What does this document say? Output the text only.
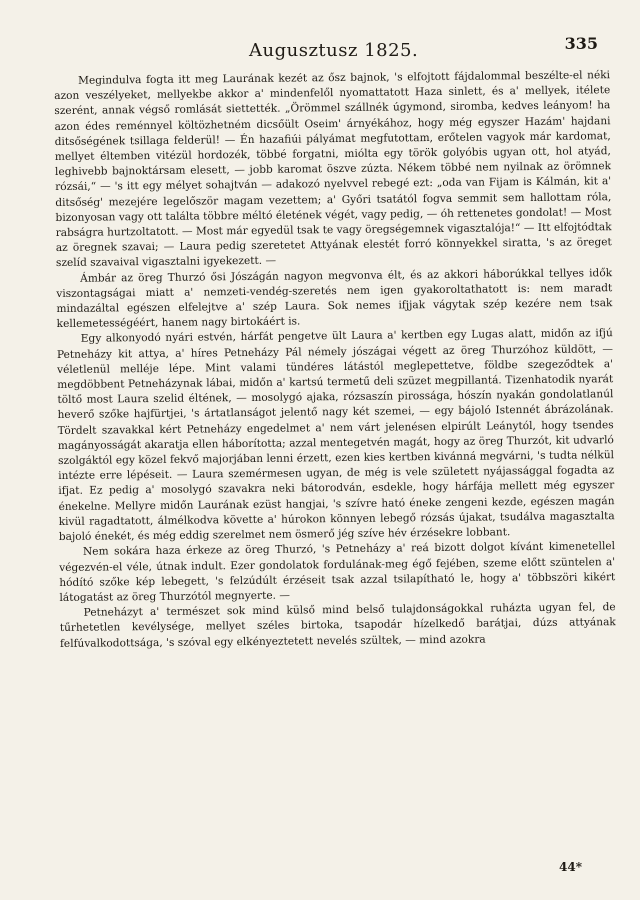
Augusztusz 1825.	335

Megindulva fogta itt meg Laurának kezét az ősz bajnok, 's elfojtott fájdalommal beszélte-el néki azon veszélyeket, mellyekbe akkor a' mindenfelől nyomattatott Haza sinlett, és a' mellyek, itélete szerént, annak végső romlását siettették. „Örömmel szállnék úgymond, siromba, kedves leányom! ha azon édes reménnyel költözhetném dicsőült Oseim' árnyékához, hogy még egyszer Hazám' hajdani ditsőségének tsillaga felderül! — Én hazafiúi pályámat megfutottam, erőtelen vagyok már kardomat, mellyet éltemben vitézül hordozék, többé forgatni, miólta egy török golyóbis ugyan ott, hol atyád, leghivebb bajnoktársam elesett, — jobb karomat öszve zúzta. Nékem többé nem nyilnak az örömnek rózsái,“ — 's itt egy mélyet sohajtván — adakozó nyelvvel rebegé ezt: „oda van Fijam is Kálmán, kit a' ditsőség' mezejére legelőször magam vezettem; a' Győri tsatától fogva semmit sem hallottam róla, bizonyosan vagy ott találta többre méltó életének végét, vagy pedig, — óh rettenetes gondolat! — Most rabságra hurtzoltatott. — Most már egyedül tsak te vagy öregségemnek vigasztalója!“ — Itt elfojtódtak az öregnek szavai; — Laura pedig szeretetet Attyának elestét forró könnyekkel siratta, 's az öreget szelíd szavaival vigasztalni igyekezett. —

Ámbár az öreg Thurzó ősi Jószágán nagyon megvonva élt, és az akkori háborúkkal tellyes idők viszontagságai miatt a' nemzeti-vendég-szeretés nem igen gyakoroltathatott is: nem maradt mindazáltal egészen elfelejtve a' szép Laura. Sok nemes ifjjak vágytak szép kezére nem tsak kellemetességéért, hanem nagy birtokáért is.

Egy alkonyodó nyári estvén, hárfát pengetve ült Laura a' kertben egy Lugas alatt, midőn az ifjú Petneházy kit attya, a' híres Petneházy Pál némely jószágai végett az öreg Thurzóhoz küldött, — véletlenül melléje lépe. Mint valami tündéres látástól meglepettetve, földbe szegeződtek a' megdöbbent Petneházynak lábai, midőn a' kartsú termetű deli szüzet megpillantá. Tizenhatodik nyarát töltő most Laura szelid éltének, — mosolygó ajaka, rózsaszín pirossága, hószín nyakán gondolatlanúl heverő szőke hajfürtjei, 's ártatlanságot jelentő nagy két szemei, — egy bájoló Istennét ábrázolának. Tördelt szavakkal kért Petneházy engedelmet a' nem várt jelenésen elpirúlt Leánytól, hogy tsendes magányosságát akaratja ellen háborította; azzal mentegetvén magát, hogy az öreg Thurzót, kit udvarló szolgáktól egy közel fekvő majorjában lenni érzett, ezen kies kertben kivánná megvárni, 's tudta nélkül intézte erre lépéseit. — Laura szemérmesen ugyan, de még is vele született nyájassággal fogadta az ifjat. Ez pedig a' mosolygó szavakra neki bátorodván, esdekle, hogy hárfája mellett még egyszer énekelne. Mellyre midőn Laurának ezüst hangjai, 's szívre ható éneke zengeni kezde, egészen magán kivül ragadtatott, álmélkodva követte a' húrokon könnyen lebegő rózsás újakat, tsudálva magasztalta bajoló énekét, és még eddig szerelmet nem ösmerő jég szíve hév érzésekre lobbant.

Nem sokára haza érkeze az öreg Thurzó, 's Petneházy a' reá bizott dolgot kívánt kimenetellel végezvén-el véle, útnak indult. Ezer gondolatok fordulának-meg égő fejében, szeme előtt szüntelen a' hódító szőke kép lebegett, 's felzúdúlt érzéseit tsak azzal tsilapítható le, hogy a' többszöri kikért látogatást az öreg Thurzótól megnyerte. —

Petneházyt a' természet sok mind külső mind belső tulajdonságokkal ruházta ugyan fel, de tűrhetetlen kevélysége, mellyet széles birtoka, tsapodár hízelkedő barátjai, dúzs attyának felfúvalkodottsága, 's szóval egy elkényeztetett nevelés szültek, — mind azokra

44*
